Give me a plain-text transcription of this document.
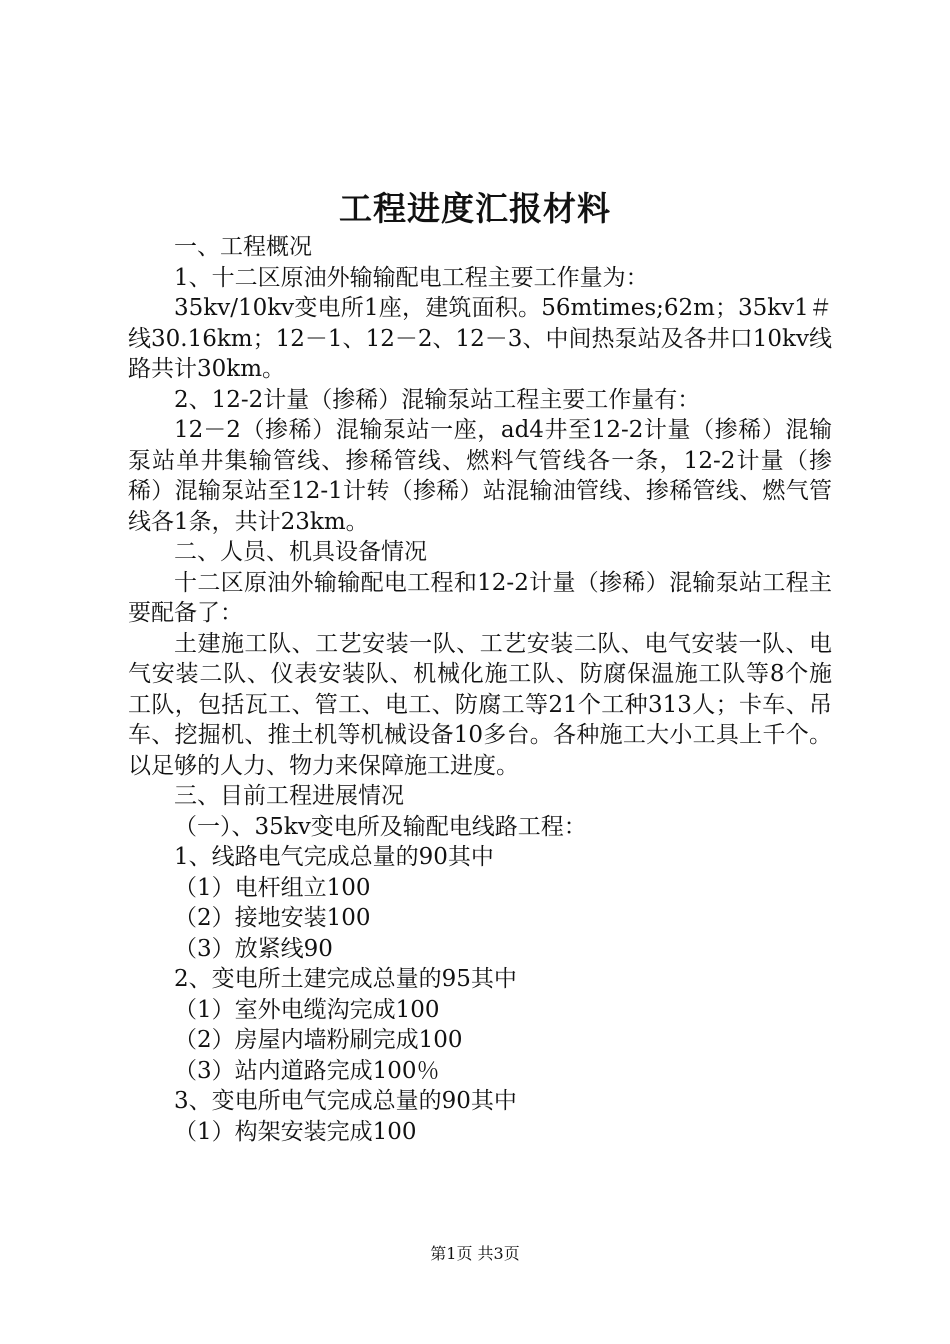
工程进度汇报材料

一、工程概况

1、十二区原油外输输配电工程主要工作量为：

35kv/10kv变电所1座，建筑面积。56mtimes;62m；35kv1＃线30.16km；12－1、12－2、12－3、中间热泵站及各井口10kv线路共计30km。

2、12-2计量（掺稀）混输泵站工程主要工作量有：

12－2（掺稀）混输泵站一座，ad4井至12-2计量（掺稀）混输泵站单井集输管线、掺稀管线、燃料气管线各一条，12-2计量（掺稀）混输泵站至12-1计转（掺稀）站混输油管线、掺稀管线、燃气管线各1条，共计23km。

二、人员、机具设备情况

十二区原油外输输配电工程和12-2计量（掺稀）混输泵站工程主要配备了：

土建施工队、工艺安装一队、工艺安装二队、电气安装一队、电气安装二队、仪表安装队、机械化施工队、防腐保温施工队等8个施工队，包括瓦工、管工、电工、防腐工等21个工种313人；卡车、吊车、挖掘机、推土机等机械设备10多台。各种施工大小工具上千个。以足够的人力、物力来保障施工进度。

三、目前工程进展情况

（一）、35kv变电所及输配电线路工程：

1、线路电气完成总量的90其中

（1）电杆组立100

（2）接地安装100

（3）放紧线90

2、变电所土建完成总量的95其中

（1）室外电缆沟完成100

（2）房屋内墙粉刷完成100

（3）站内道路完成100％

3、变电所电气完成总量的90其中

（1）构架安装完成100

第1页 共3页
